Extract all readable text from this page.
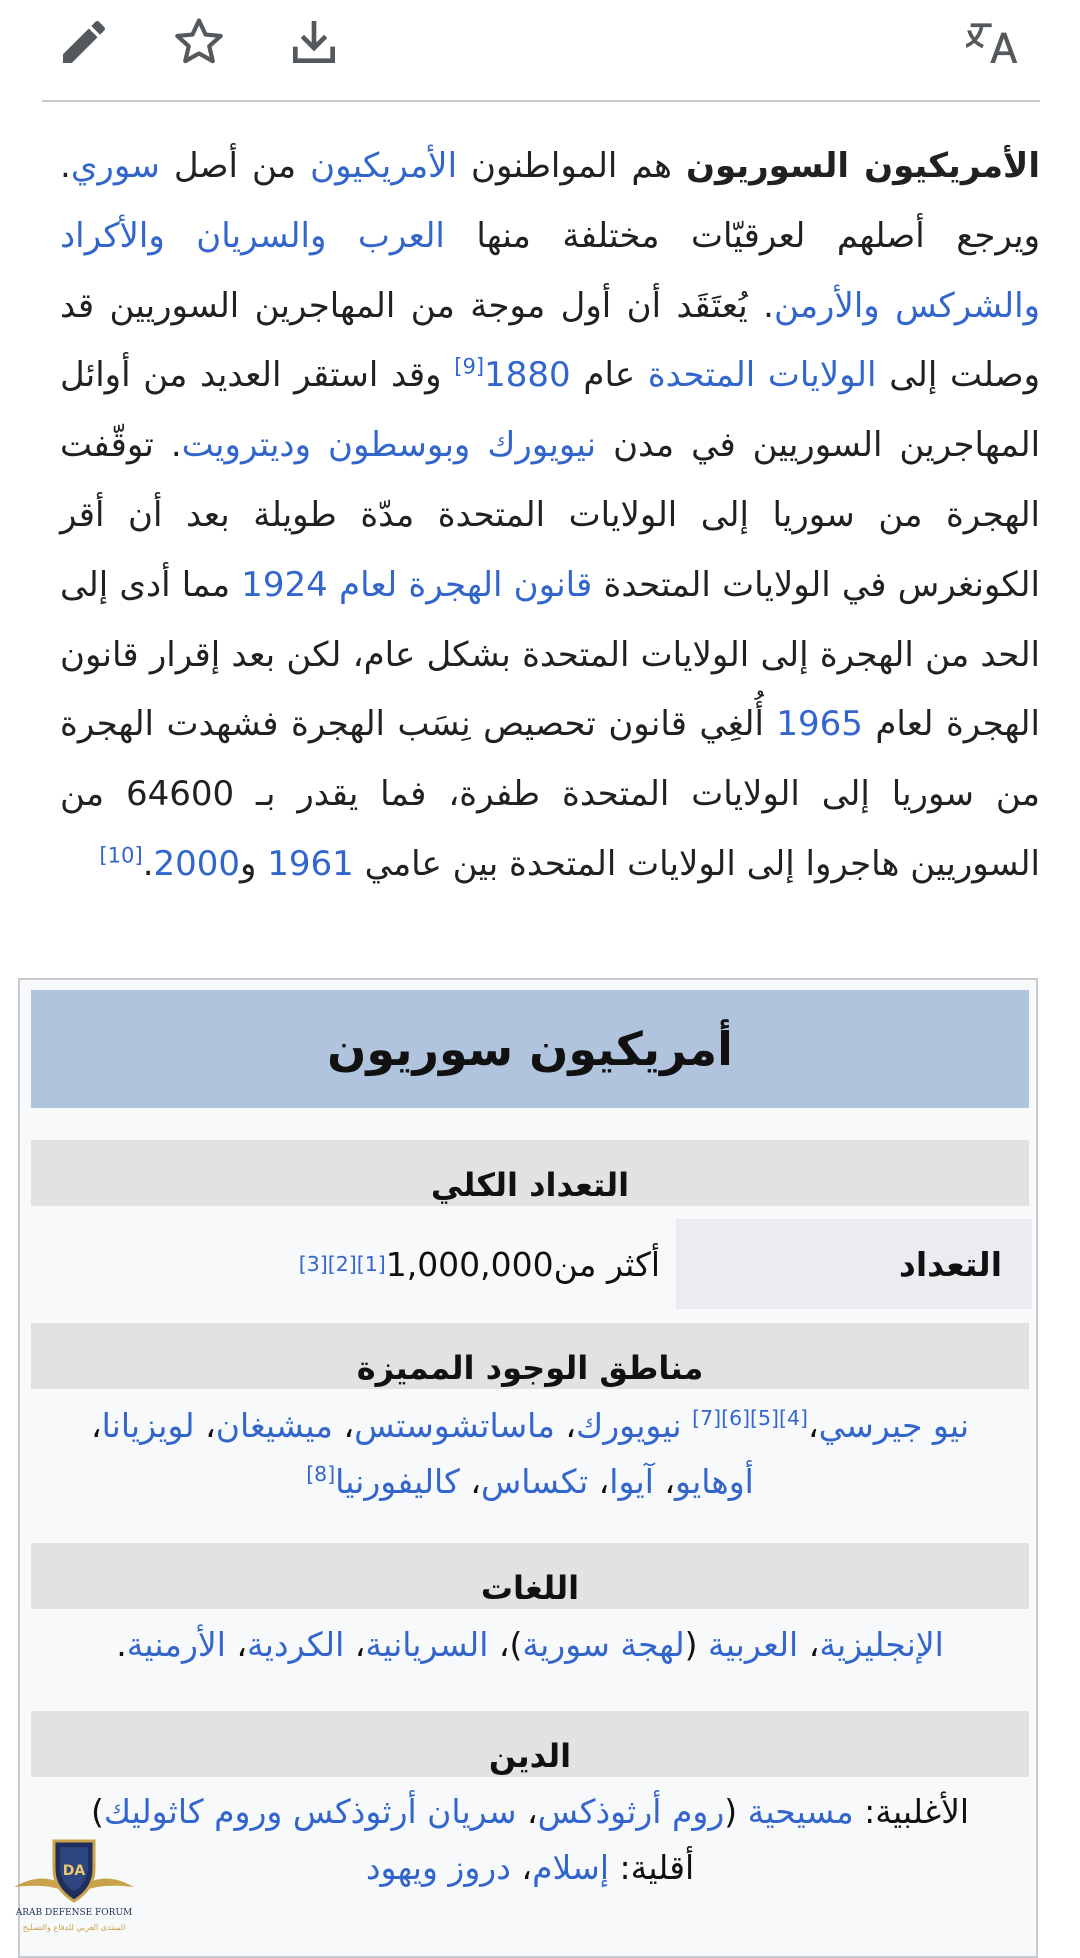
الأمريكيون السوريون هم المواطنون الأمريكيون من أصل سوري. ويرجع أصلهم لعرقيّات مختلفة منها العرب والسريان والأكراد والشركس والأرمن. يُعتَقَد أن أول موجة من المهاجرين السوريين قد وصلت إلى الولايات المتحدة عام 1880[9] وقد استقر العديد من أوائل المهاجرين السوريين في مدن نيويورك وبوسطون وديترويت. توقّفت الهجرة من سوريا إلى الولايات المتحدة مدّة طويلة بعد أن أقر الكونغرس في الولايات المتحدة قانون الهجرة لعام 1924 مما أدى إلى الحد من الهجرة إلى الولايات المتحدة بشكل عام، لكن بعد إقرار قانون الهجرة لعام 1965 أُلغِي قانون تحصيص نِسَب الهجرة فشهدت الهجرة من سوريا إلى الولايات المتحدة طفرة، فما يقدر بـ 64600 من السوريين هاجروا إلى الولايات المتحدة بين عامي 1961 و2000.[10]

أمريكيون سوريون
التعداد الكلي
التعداد
أكثر من
1,000,000
[1][2][3]
مناطق الوجود المميزة
نيو جيرسي،[4][5][6][7] نيويورك، ماساتشوستس، ميشيغان، لويزيانا، أوهايو، آيوا، تكساس، كاليفورنيا[8]
اللغات
الإنجليزية، العربية (لهجة سورية)، السريانية، الكردية، الأرمنية.
الدين
الأغلبية: مسيحية (روم أرثوذكس، سريان أرثوذكس وروم كاثوليك)
أقلية: إسلام، دروز ويهود
DA
ARAB DEFENSE FORUM
المنتدى العربي للدفاع والتسليح
